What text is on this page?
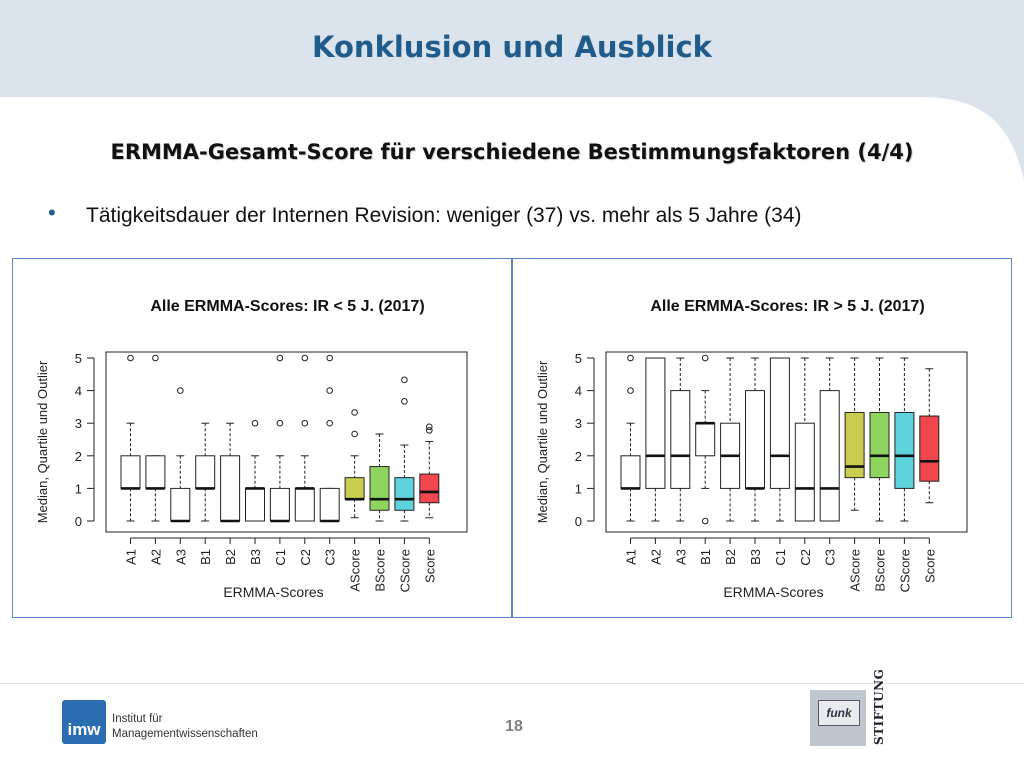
Konklusion und Ausblick
ERMMA-Gesamt-Score für verschiedene Bestimmungsfaktoren (4/4)
• Tätigkeitsdauer der Internen Revision: weniger (37) vs. mehr als 5 Jahre (34)
Alle ERMMA-Scores: IR < 5 J. (2017)
0
1
2
3
4
5
Median, Quartile und Outlier
A1 A2 A3 B1 B2 B3 C1 C2 C3 AScore BScore CScore Score
ERMMA-Scores
Alle ERMMA-Scores: IR > 5 J. (2017)
0
1
2
3
4
5
Median, Quartile und Outlier
A1 A2 A3 B1 B2 B3 C1 C2 C3 AScore BScore CScore Score
ERMMA-Scores
imw
Institut für
Managementwissenschaften	18
funk	STIFTUNG
